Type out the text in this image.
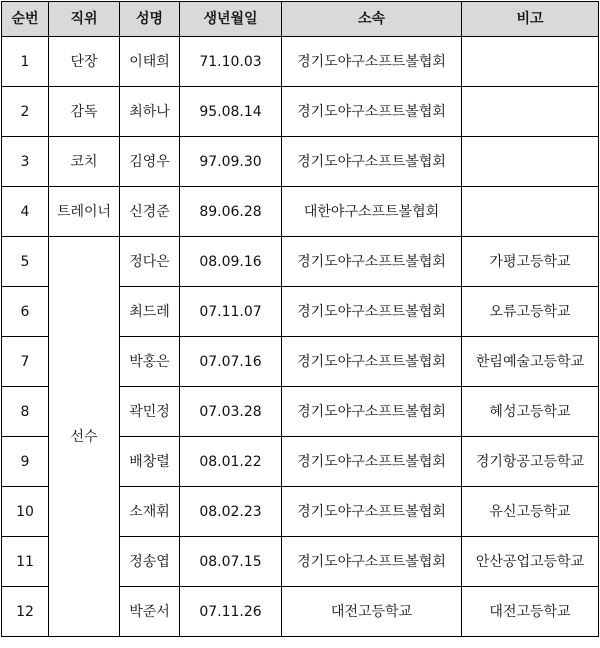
순번	직위	성명	생년월일	소속	비고
1	단장	이태희	71.10.03	경기도야구소프트볼협회	
2	감독	최하나	95.08.14	경기도야구소프트볼협회	
3	코치	김영우	97.09.30	경기도야구소프트볼협회	
4	트레이너	신경준	89.06.28	대한야구소프트볼협회	
5	선수	정다은	08.09.16	경기도야구소프트볼협회	가평고등학교
6		최드레	07.11.07	경기도야구소프트볼협회	오류고등학교
7		박홍은	07.07.16	경기도야구소프트볼협회	한림예술고등학교
8		곽민정	07.03.28	경기도야구소프트볼협회	혜성고등학교
9		배창렬	08.01.22	경기도야구소프트볼협회	경기항공고등학교
10		소재휘	08.02.23	경기도야구소프트볼협회	유신고등학교
11		정송엽	08.07.15	경기도야구소프트볼협회	안산공업고등학교
12		박준서	07.11.26	대전고등학교	대전고등학교
